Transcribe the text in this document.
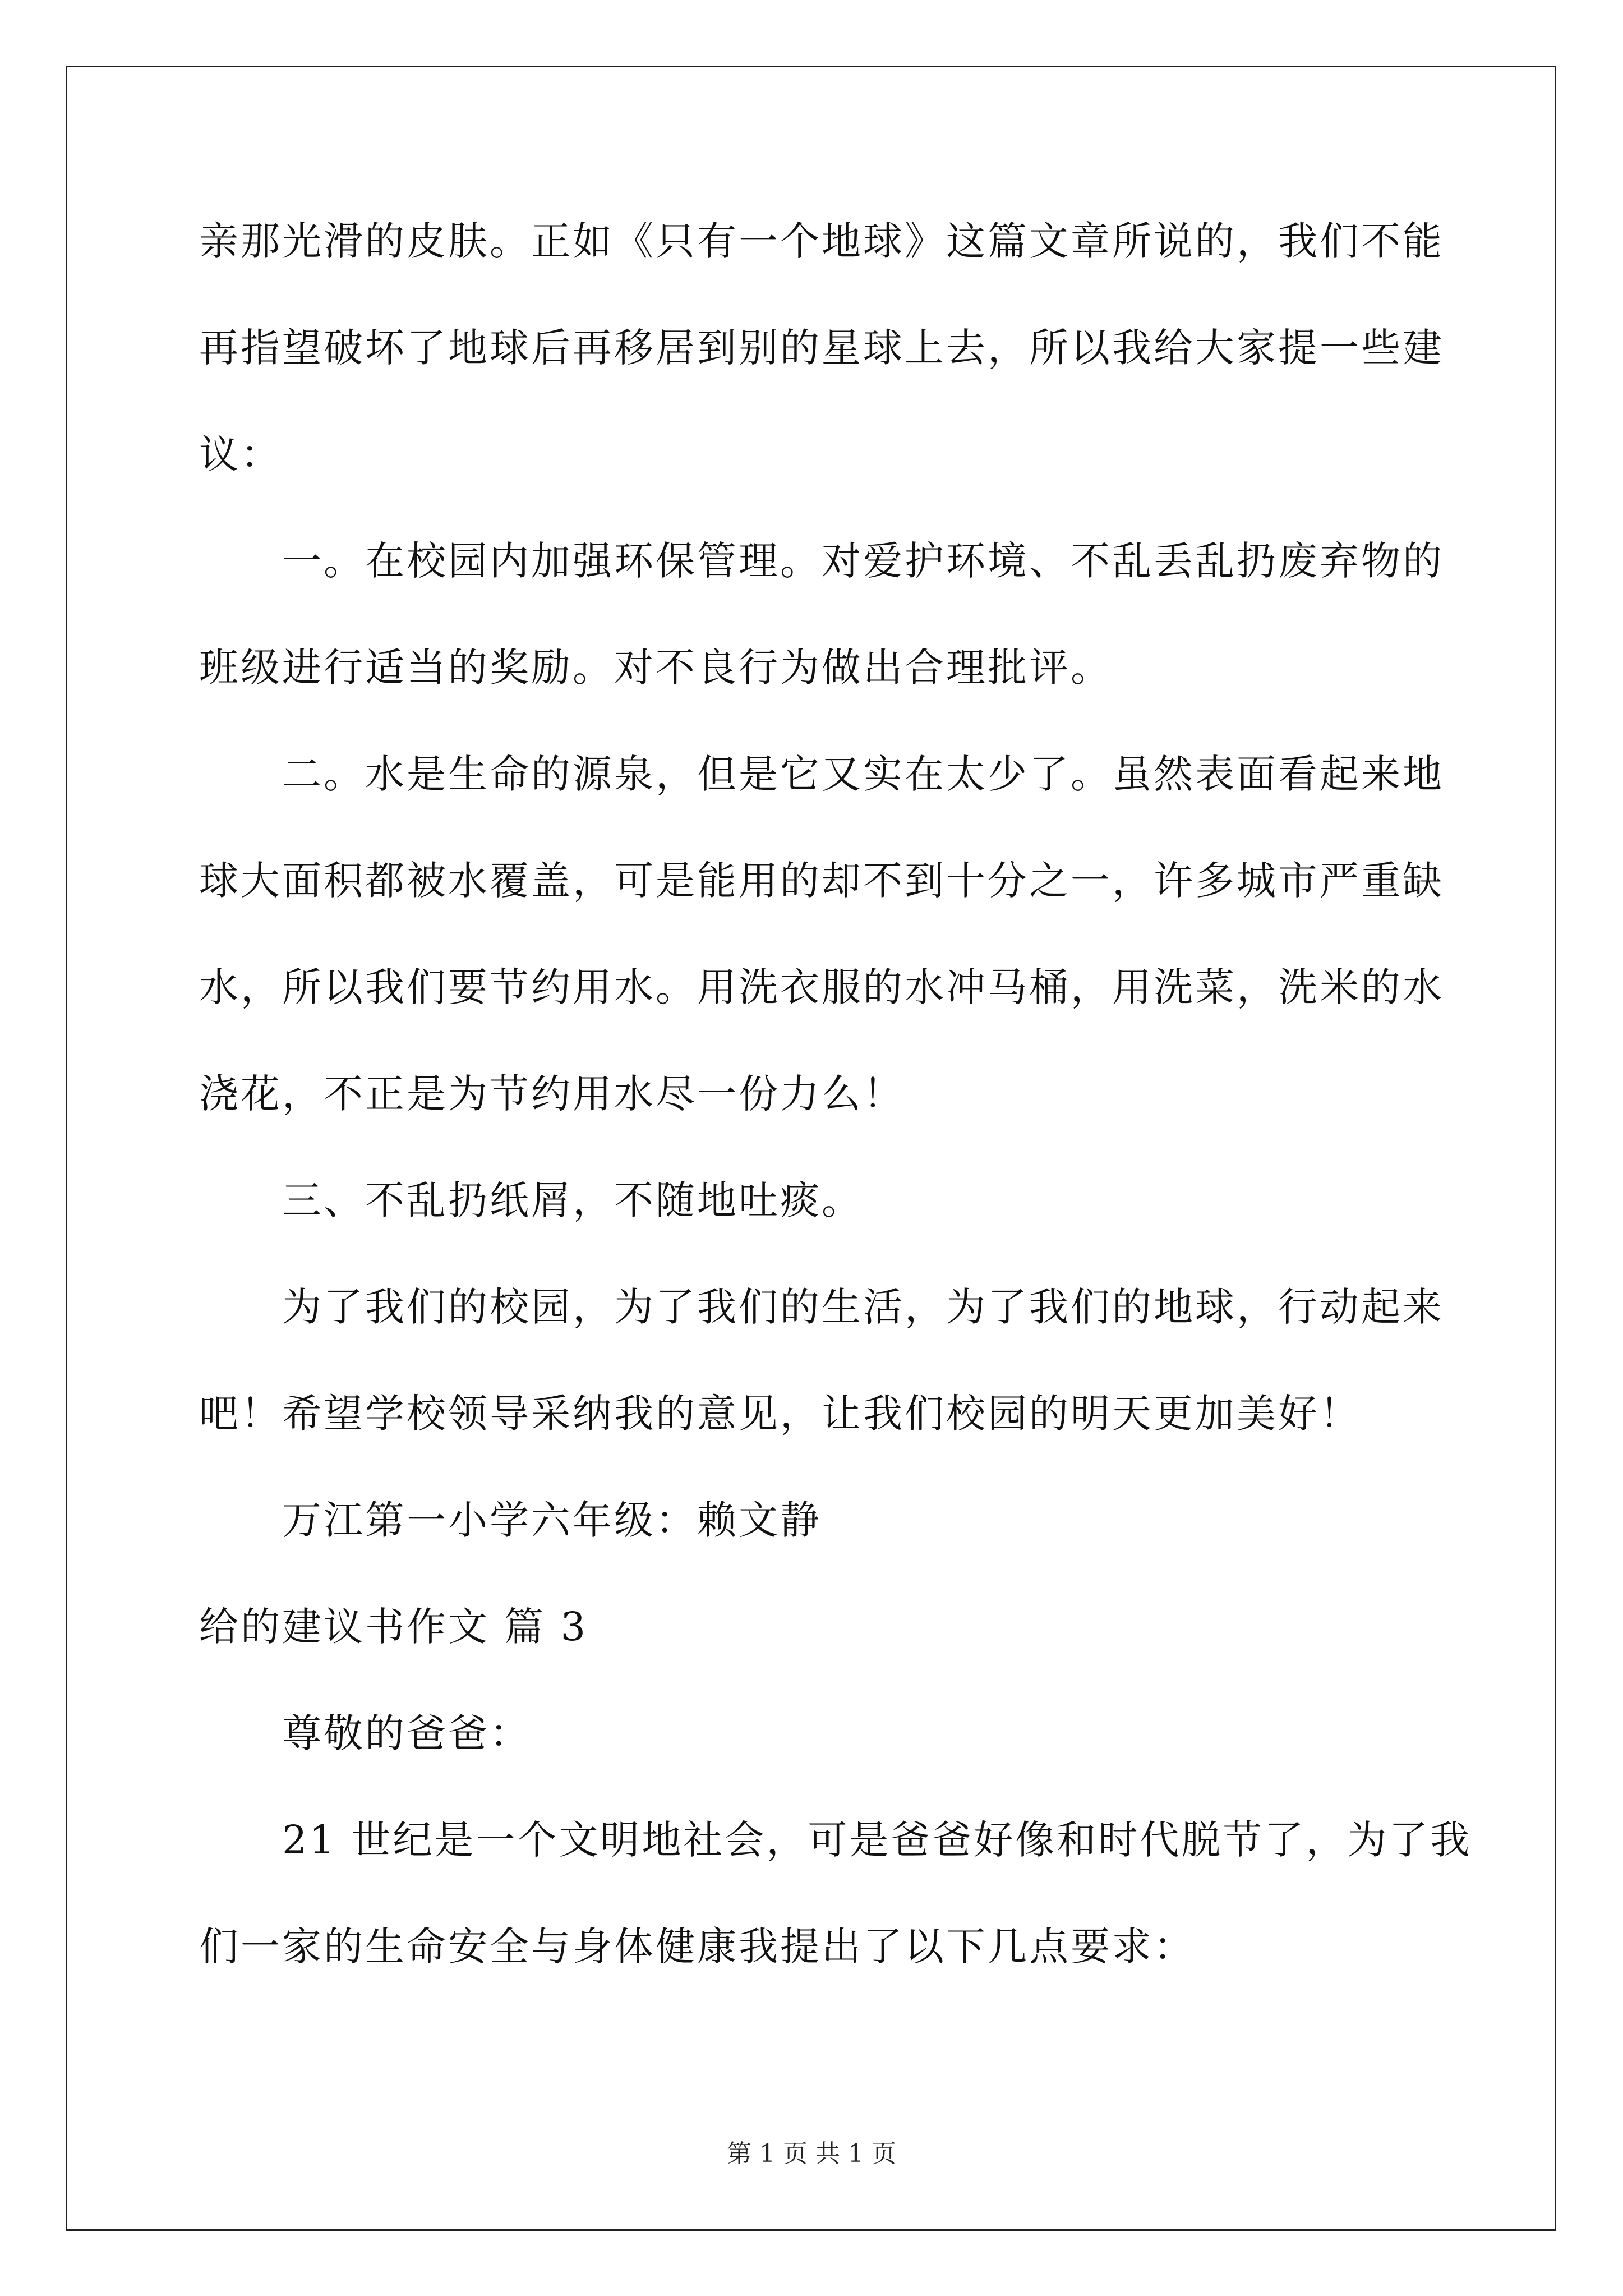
亲那光滑的皮肤。正如《只有一个地球》这篇文章所说的，我们不能
再指望破坏了地球后再移居到别的星球上去，所以我给大家提一些建
议：
一。在校园内加强环保管理。对爱护环境、不乱丢乱扔废弃物的
班级进行适当的奖励。对不良行为做出合理批评。
二。水是生命的源泉，但是它又实在太少了。虽然表面看起来地
球大面积都被水覆盖，可是能用的却不到十分之一，许多城市严重缺
水，所以我们要节约用水。用洗衣服的水冲马桶，用洗菜，洗米的水
浇花，不正是为节约用水尽一份力么！
三、不乱扔纸屑，不随地吐痰。
为了我们的校园，为了我们的生活，为了我们的地球，行动起来
吧！希望学校领导采纳我的意见，让我们校园的明天更加美好！
万江第一小学六年级：赖文静
给的建议书作文 篇 3
尊敬的爸爸：
21 世纪是一个文明地社会，可是爸爸好像和时代脱节了，为了我
们一家的生命安全与身体健康我提出了以下几点要求：
第 1 页 共 1 页
